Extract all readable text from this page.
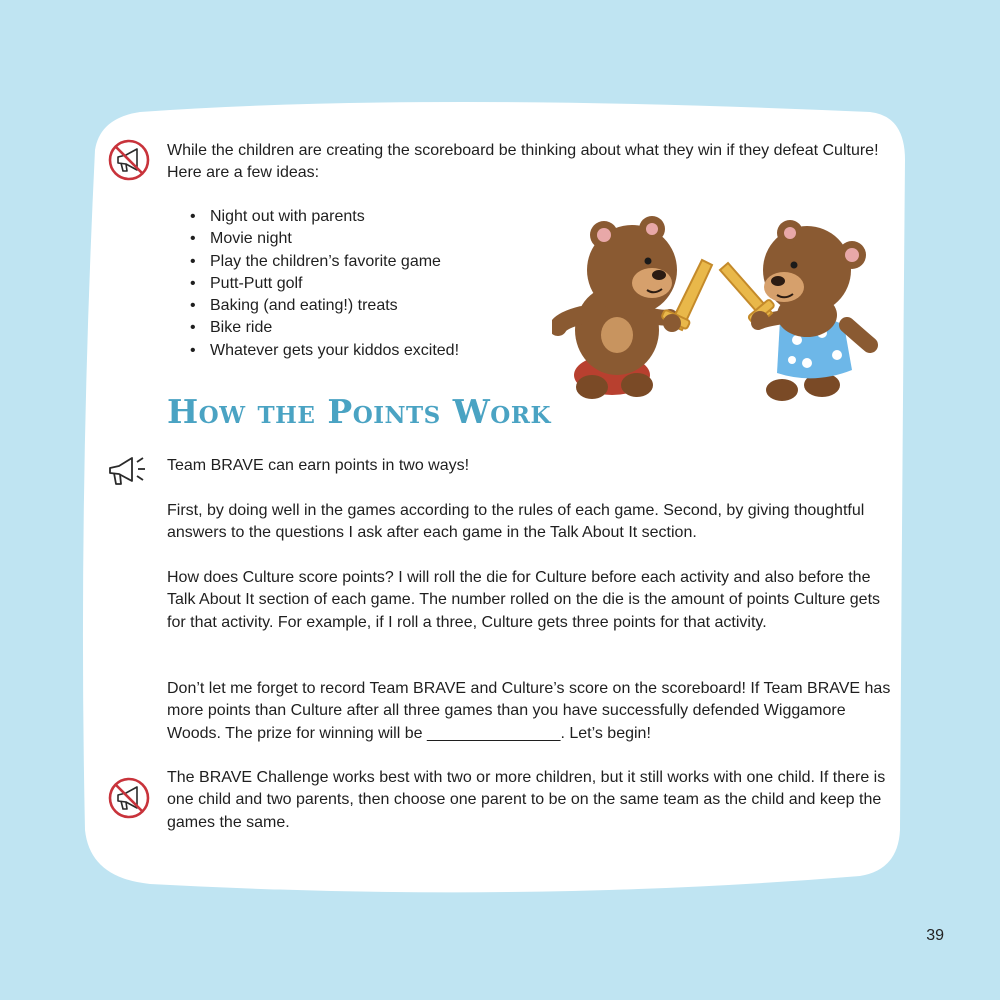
While the children are creating the scoreboard be thinking about what they win if they defeat Culture! Here are a few ideas:

• Night out with parents
• Movie night
• Play the children’s favorite game
• Putt-Putt golf
• Baking (and eating!) treats
• Bike ride
• Whatever gets your kiddos excited!
How the Points Work

Team BRAVE can earn points in two ways!

First, by doing well in the games according to the rules of each game. Second, by giving thoughtful answers to the questions I ask after each game in the Talk About It section.

How does Culture score points? I will roll the die for Culture before each activity and also before the Talk About It section of each game. The number rolled on the die is the amount of points Culture gets for that activity. For example, if I roll a three, Culture gets three points for that activity.

Don’t let me forget to record Team BRAVE and Culture’s score on the scoreboard! If Team BRAVE has more points than Culture after all three games than you have successfully defended Wiggamore Woods. The prize for winning will be _______________. Let’s begin!

The BRAVE Challenge works best with two or more children, but it still works with one child. If there is one child and two parents, then choose one parent to be on the same team as the child and keep the games the same.

39
